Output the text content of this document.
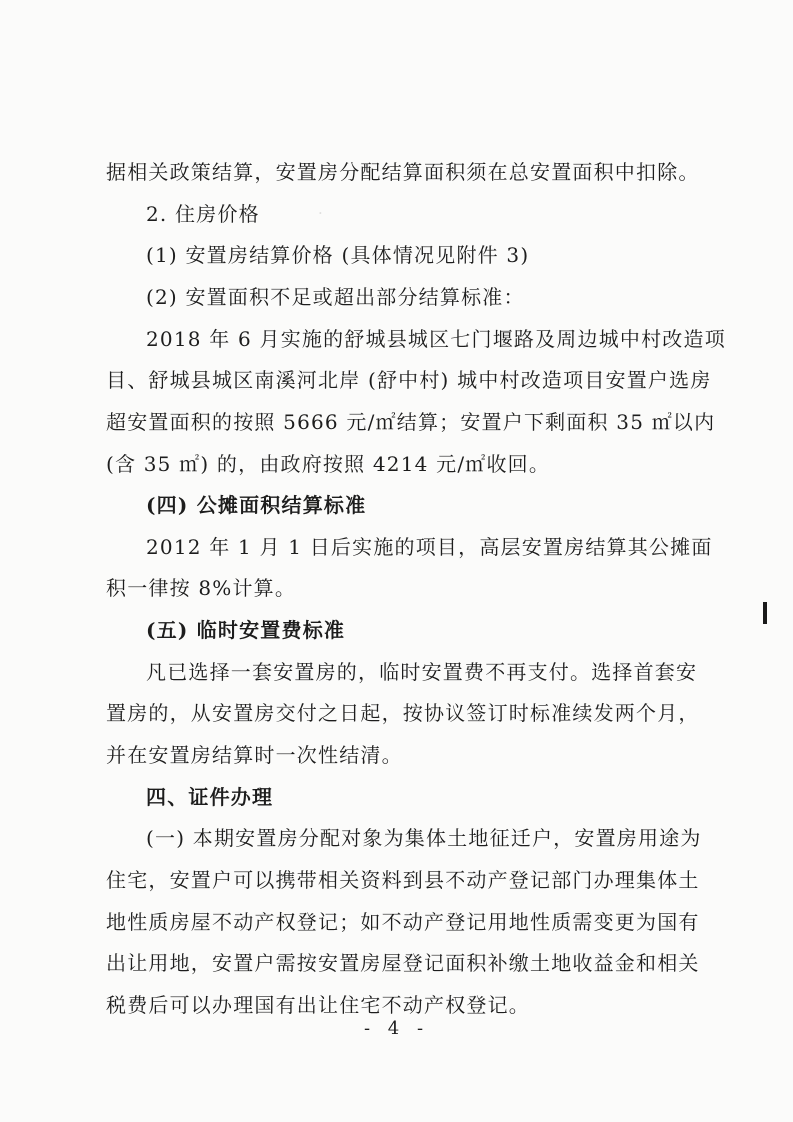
.
据相关政策结算，安置房分配结算面积须在总安置面积中扣除。
2. 住房价格
(1) 安置房结算价格 (具体情况见附件 3)
(2) 安置面积不足或超出部分结算标准：
2018 年 6 月实施的舒城县城区七门堰路及周边城中村改造项
目、舒城县城区南溪河北岸 (舒中村) 城中村改造项目安置户选房
超安置面积的按照 5666 元/㎡结算；安置户下剩面积 35 ㎡以内
(含 35 ㎡) 的，由政府按照 4214 元/㎡收回。
(四) 公摊面积结算标准
2012 年 1 月 1 日后实施的项目，高层安置房结算其公摊面
积一律按 8%计算。
(五) 临时安置费标准
凡已选择一套安置房的，临时安置费不再支付。选择首套安
置房的，从安置房交付之日起，按协议签订时标准续发两个月，
并在安置房结算时一次性结清。
四、证件办理
(一) 本期安置房分配对象为集体土地征迁户，安置房用途为
住宅，安置户可以携带相关资料到县不动产登记部门办理集体土
地性质房屋不动产权登记；如不动产登记用地性质需变更为国有
出让用地，安置户需按安置房屋登记面积补缴土地收益金和相关
税费后可以办理国有出让住宅不动产权登记。
- 4 -
